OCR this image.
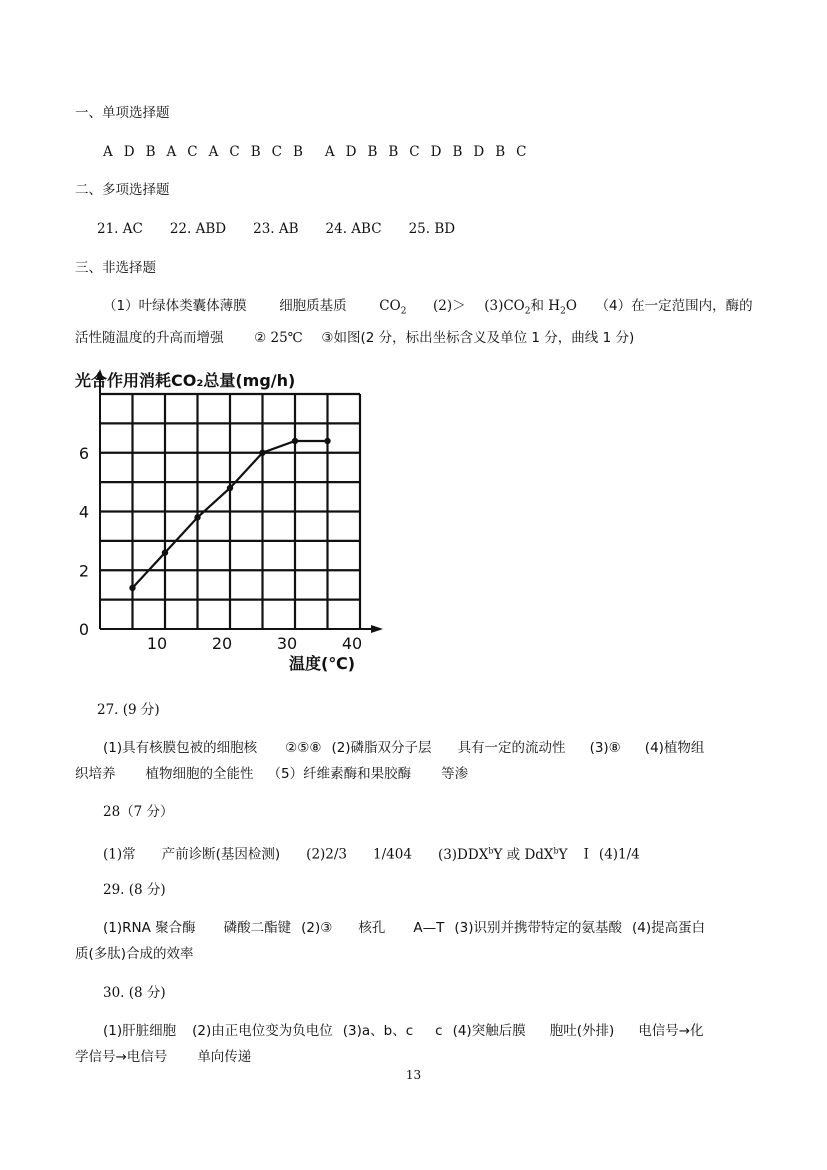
一、单项选择题
A D B A C A C B C B A D B B C D B D B C
二、多项选择题
21. AC 22. ABD 23. AB 24. ABC 25. BD
三、非选择题
（1）叶绿体类囊体薄膜 细胞质基质 $CO_2$ $(2)> (3)CO_2$和 $H_2O$ （4）在一定范围内，酶的
活性随温度的升高而增强 ② 25℃ ③如图(2 分，标出坐标含义及单位 1 分，曲线 1 分)
光合作用消耗CO₂总量(mg/h)
0
2
4
6
10	20	30	40
温度(℃)
27. (9 分)
(1)具有核膜包被的细胞核 ②⑤⑧ (2)磷脂双分子层 具有一定的流动性 (3)⑧ (4)植物组
织培养 植物细胞的全能性 （5）纤维素酶和果胶酶 等渗
28（7 分）
(1)常 产前诊断(基因检测) (2)2/3 1/404 (3)DDX$^b$Y 或 DdX$^b$Y Ⅰ (4)1/4
29. (8 分)
(1)RNA 聚合酶 磷酸二酯键 (2)③ 核孔 A—T (3)识别并携带特定的氨基酸 (4)提高蛋白
质(多肽)合成的效率
30. (8 分)
(1)肝脏细胞 (2)由正电位变为负电位 (3)a、b、c c (4)突触后膜 胞吐(外排) 电信号→化
学信号→电信号 单向传递
13
